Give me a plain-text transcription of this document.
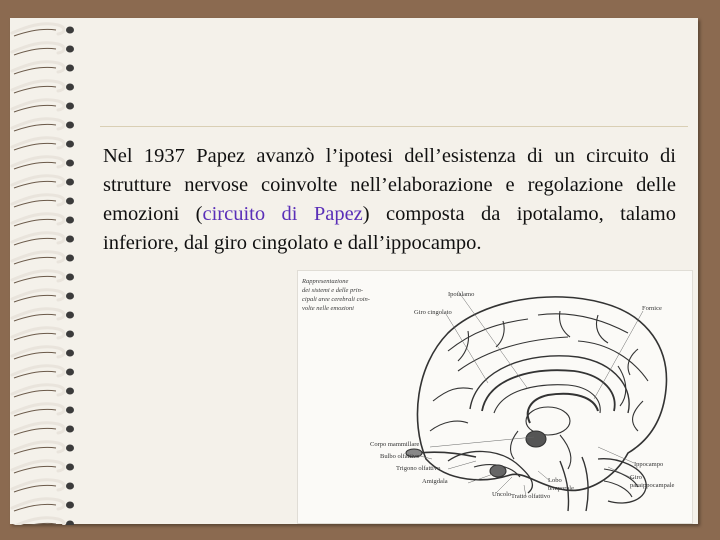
Nel 1937 Papez avanzò l’ipotesi dell’esistenza di un circuito di strutture nervose coinvolte nell’elaborazione e regolazione delle emozioni (circuito di Papez) composta da ipotalamo, talamo inferiore, dal giro cingolato e dall’ippocampo.

Rappresentazione
dei sistemi e delle prin-
cipali aree cerebrali coin-
volte nelle emozioni
Ipotalamo
Giro cingolato
Fornice
Corpo mammillare
Bulbo olfattivo
Trigono olfattivo
Amigdala
Uncolo
Lobo
temporale
Tratto olfattivo
Ippocampo
Giro
paraippocampale
